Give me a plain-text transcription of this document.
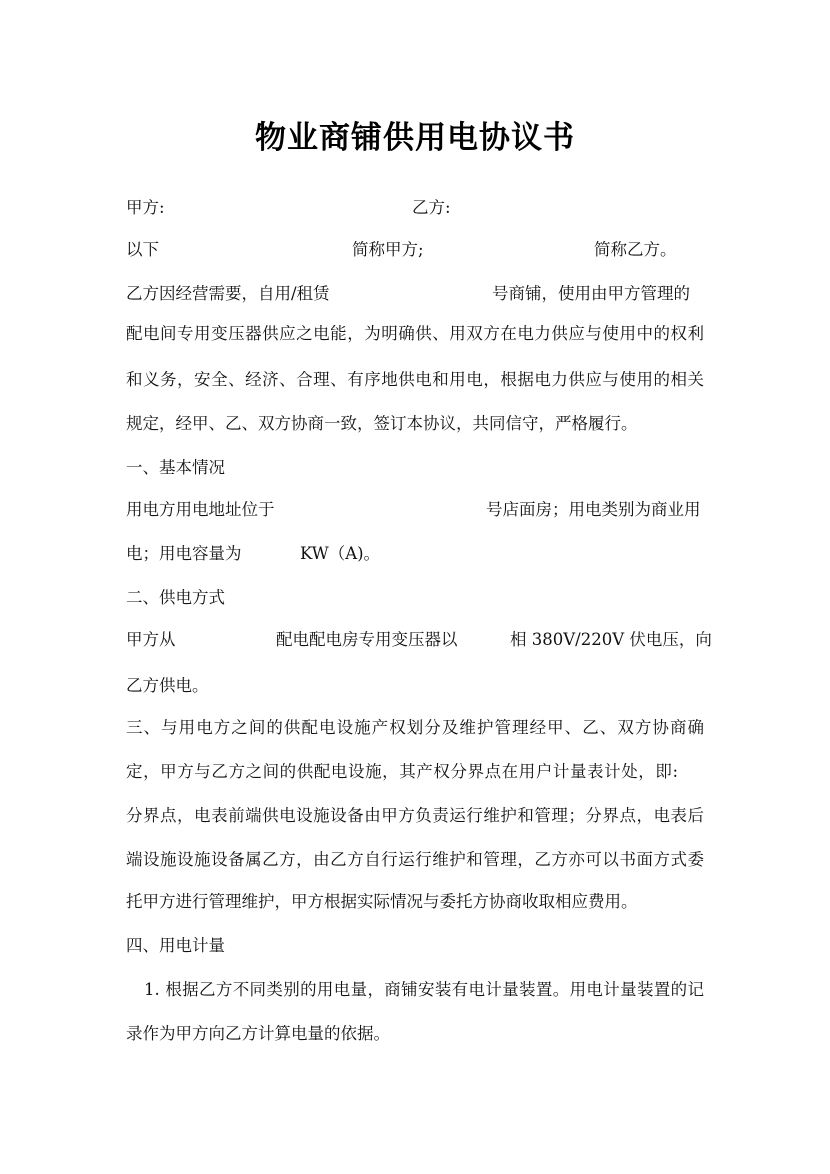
物业商铺供用电协议书
甲方:	乙方:
以下	简称甲方;	简称乙方。
乙方因经营需要，自用/租赁	号商铺，使用由甲方管理的
配电间专用变压器供应之电能，为明确供、用双方在电力供应与使用中的权利
和义务，安全、经济、合理、有序地供电和用电，根据电力供应与使用的相关
规定，经甲、乙、双方协商一致，签订本协议，共同信守，严格履行。
一、基本情况
用电方用电地址位于	号店面房；用电类别为商业用
电；用电容量为	KW（A)。
二、供电方式
甲方从	配电配电房专用变压器以	相 380V/220V 伏电压，向
乙方供电。
三、与用电方之间的供配电设施产权划分及维护管理经甲、乙、双方协商确
定，甲方与乙方之间的供配电设施，其产权分界点在用户计量表计处，即:
分界点，电表前端供电设施设备由甲方负责运行维护和管理；分界点，电表后
端设施设施设备属乙方，由乙方自行运行维护和管理，乙方亦可以书面方式委
托甲方进行管理维护，甲方根据实际情况与委托方协商收取相应费用。
四、用电计量
1. 根据乙方不同类别的用电量，商铺安装有电计量装置。用电计量装置的记
录作为甲方向乙方计算电量的依据。
